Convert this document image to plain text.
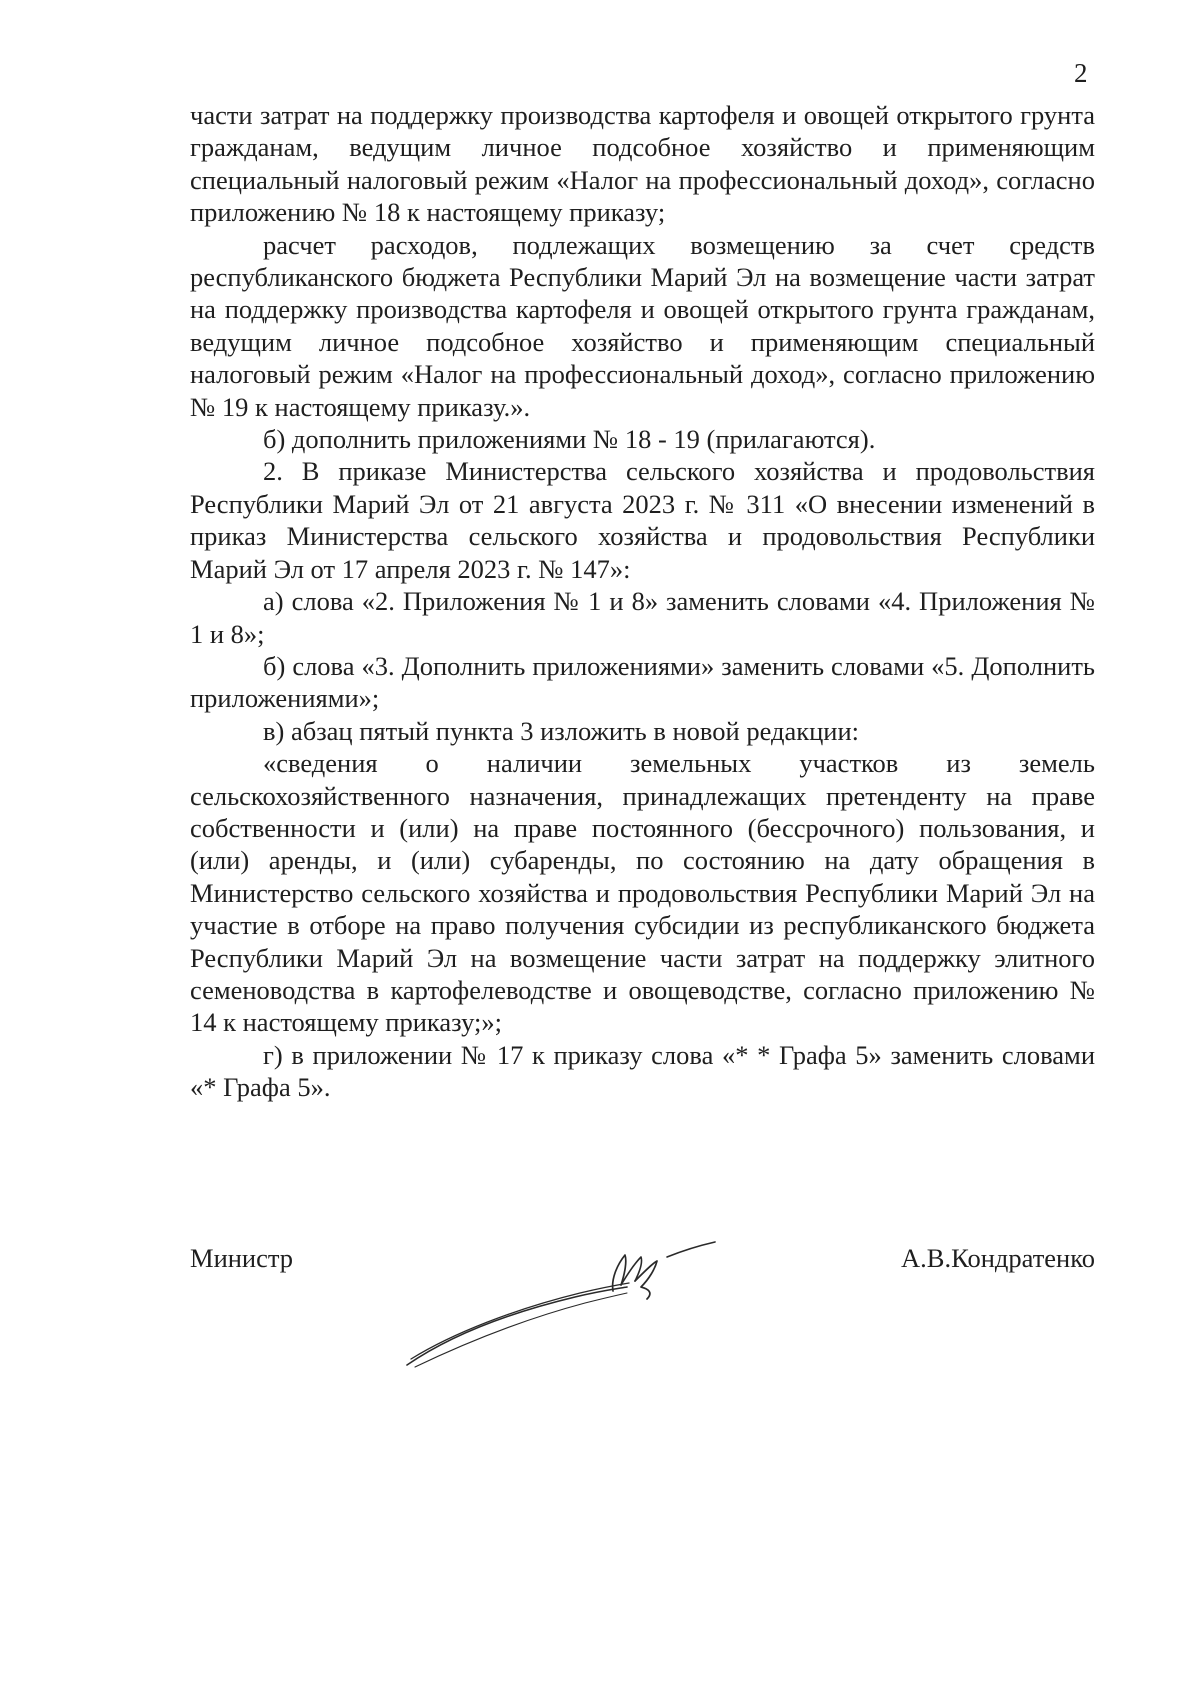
2

части затрат на поддержку производства картофеля и овощей открытого грунта гражданам, ведущим личное подсобное хозяйство и применяющим специальный налоговый режим «Налог на профессиональный доход», согласно приложению № 18 к настоящему приказу;

расчет расходов, подлежащих возмещению за счет средств республиканского бюджета Республики Марий Эл на возмещение части затрат на поддержку производства картофеля и овощей открытого грунта гражданам, ведущим личное подсобное хозяйство и применяющим специальный налоговый режим «Налог на профессиональный доход», согласно приложению № 19 к настоящему приказу.».

б) дополнить приложениями № 18 - 19 (прилагаются).

2. В приказе Министерства сельского хозяйства и продовольствия Республики Марий Эл от 21 августа 2023 г. № 311 «О внесении изменений в приказ Министерства сельского хозяйства и продовольствия Республики Марий Эл от 17 апреля 2023 г. № 147»:

а) слова «2. Приложения № 1 и 8» заменить словами «4. Приложения № 1 и 8»;

б) слова «3. Дополнить приложениями» заменить словами «5. Дополнить приложениями»;

в) абзац пятый пункта 3 изложить в новой редакции:

«сведения о наличии земельных участков из земель сельскохозяйственного назначения, принадлежащих претенденту на праве собственности и (или) на праве постоянного (бессрочного) пользования, и (или) аренды, и (или) субаренды, по состоянию на дату обращения в Министерство сельского хозяйства и продовольствия Республики Марий Эл на участие в отборе на право получения субсидии из республиканского бюджета Республики Марий Эл на возмещение части затрат на поддержку элитного семеноводства в картофелеводстве и овощеводстве, согласно приложению № 14 к настоящему приказу;»;

г) в приложении № 17 к приказу слова «* * Графа 5» заменить словами «* Графа 5».

Министр	А.В.Кондратенко
